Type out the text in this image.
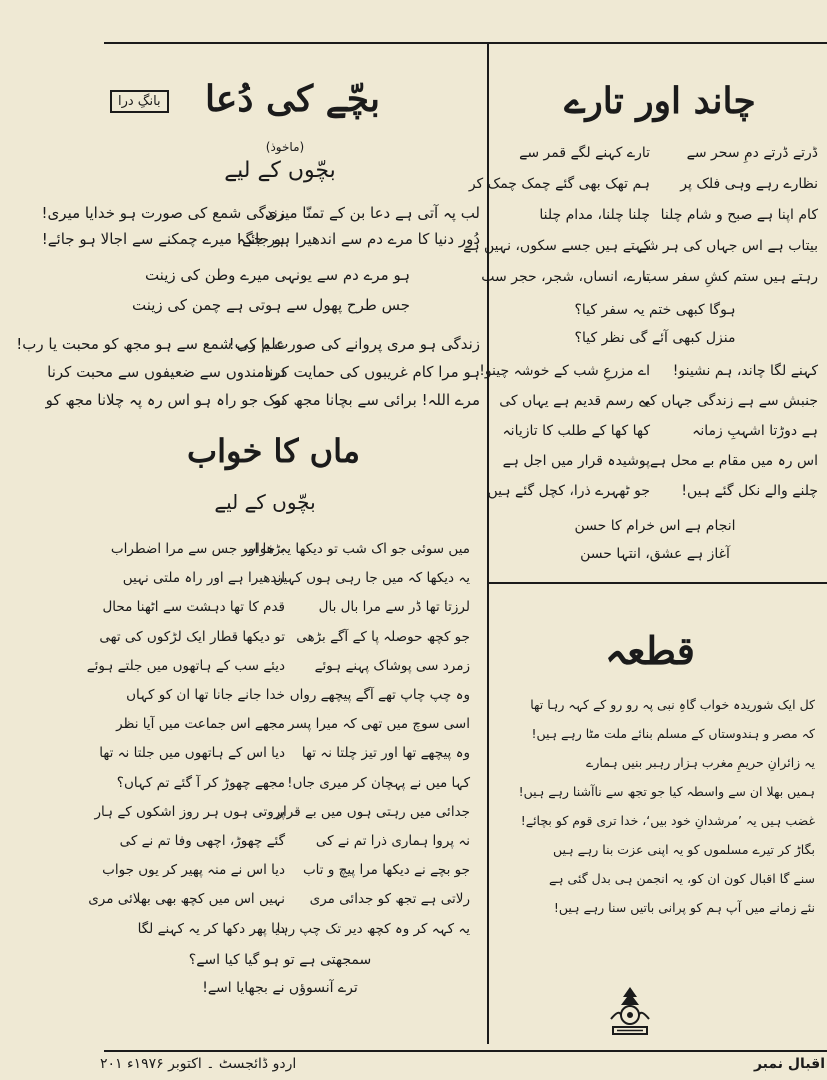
بانگِ درا بچّے کی دُعا
(ماخوذ)
بچّوں کے لیے
لب پہ آتی ہے دعا بن کے تمنّا میری
دُور دنیا کا مرے دم سے اندھیرا ہو جائے!
زندگی شمع کی صورت ہو خدایا میری!
ہر جگہ میرے چمکنے سے اجالا ہو جائے!
ہو مرے دم سے یونہی میرے وطن کی زینت
جس طرح پھول سے ہوتی ہے چمن کی زینت
زندگی ہو مری پروانے کی صورت یا رب!
ہو مرا کام غریبوں کی حمایت کرنا
مرے اللہ! برائی سے بچانا مجھ کو
علم کی شمع سے ہو مجھ کو محبت یا رب!
دردمندوں سے ضعیفوں سے محبت کرنا
نیک جو راہ ہو اس رہ پہ چلانا مجھ کو
ماں کا خواب
بچّوں کے لیے
میں سوئی جو اک شب تو دیکھا یہ خواب
یہ دیکھا کہ میں جا رہی ہوں کہیں
لرزتا تھا ڈر سے مرا بال بال
جو کچھ حوصلہ پا کے آگے بڑھی
زمرد سی پوشاک پہنے ہوئے
وہ چپ چاپ تھے آگے پیچھے رواں
اسی سوچ میں تھی کہ میرا پسر
وہ پیچھے تھا اور تیز چلتا نہ تھا
کہا میں نے پہچان کر میری جاں!
جدائی میں رہتی ہوں میں بے قرار
نہ پروا ہماری ذرا تم نے کی
جو بچے نے دیکھا مرا پیچ و تاب
رلاتی ہے تجھ کو جدائی مری
یہ کہہ کر وہ کچھ دیر تک چپ رہا
بڑھا اور جس سے مرا اضطراب
اندھیرا ہے اور راہ ملتی نہیں
قدم کا تھا دہشت سے اٹھنا محال
تو دیکھا قطار ایک لڑکوں کی تھی
دیئے سب کے ہاتھوں میں جلتے ہوئے
خدا جانے جانا تھا ان کو کہاں
مجھے اس جماعت میں آیا نظر
دیا اس کے ہاتھوں میں جلتا نہ تھا
مجھے چھوڑ کر آ گئے تم کہاں؟
پروتی ہوں ہر روز اشکوں کے ہار
گئے چھوڑ، اچھی وفا تم نے کی
دیا اس نے منہ پھیر کر یوں جواب
نہیں اس میں کچھ بھی بھلائی مری
دیا پھر دکھا کر یہ کہنے لگا
سمجھتی ہے تو ہو گیا کیا اسے؟
ترے آنسوؤں نے بجھایا اسے!
چاند اور تارے
ڈرتے ڈرتے دمِ سحر سے
نظارے رہے وہی فلک پر
کام اپنا ہے صبح و شام چلنا
بیتاب ہے اس جہاں کی ہر شے
رہتے ہیں ستم کشِ سفر سب
تارے کہنے لگے قمر سے
ہم تھک بھی گئے چمک چمک کر
چلنا چلنا، مدام چلنا
کہتے ہیں جسے سکوں، نہیں ہے
تارے، انساں، شجر، حجر سب
ہوگا کبھی ختم یہ سفر کیا؟
منزل کبھی آئے گی نظر کیا؟
کہنے لگا چاند، ہم نشینو!
جنبش سے ہے زندگی جہاں کی
ہے دوڑتا اشہبِ زمانہ
اس رہ میں مقام بے محل ہے
چلنے والے نکل گئے ہیں!
اے مزرعِ شب کے خوشہ چینو!
یہ رسم قدیم ہے یہاں کی
کھا کھا کے طلب کا تازیانہ
پوشیدہ قرار میں اجل ہے
جو ٹھہرے ذرا، کچل گئے ہیں
انجام ہے اس خرام کا حسن
آغاز ہے عشق، انتہا حسن
قطعہ
کل ایک شوریدہ خواب گاہِ نبی پہ رو رو کے کہہ رہا تھا
کہ مصر و ہندوستاں کے مسلم بنائے ملت مٹا رہے ہیں!
یہ زائرانِ حریمِ مغرب ہزار رہبر بنیں ہمارے
ہمیں بھلا ان سے واسطہ کیا جو تجھ سے ناآشنا رہے ہیں!
غضب ہیں یہ ’مرشدانِ خود بیں‘، خدا تری قوم کو بچائے!
بگاڑ کر تیرے مسلموں کو یہ اپنی عزت بنا رہے ہیں
سنے گا اقبال کون ان کو، یہ انجمن ہی بدل گئی ہے
نئے زمانے میں آپ ہم کو پرانی باتیں سنا رہے ہیں!
اردو ڈائجسٹ ۔ اکتوبر ۱۹۷۶ء ۲۰۱	اقبال نمبر
